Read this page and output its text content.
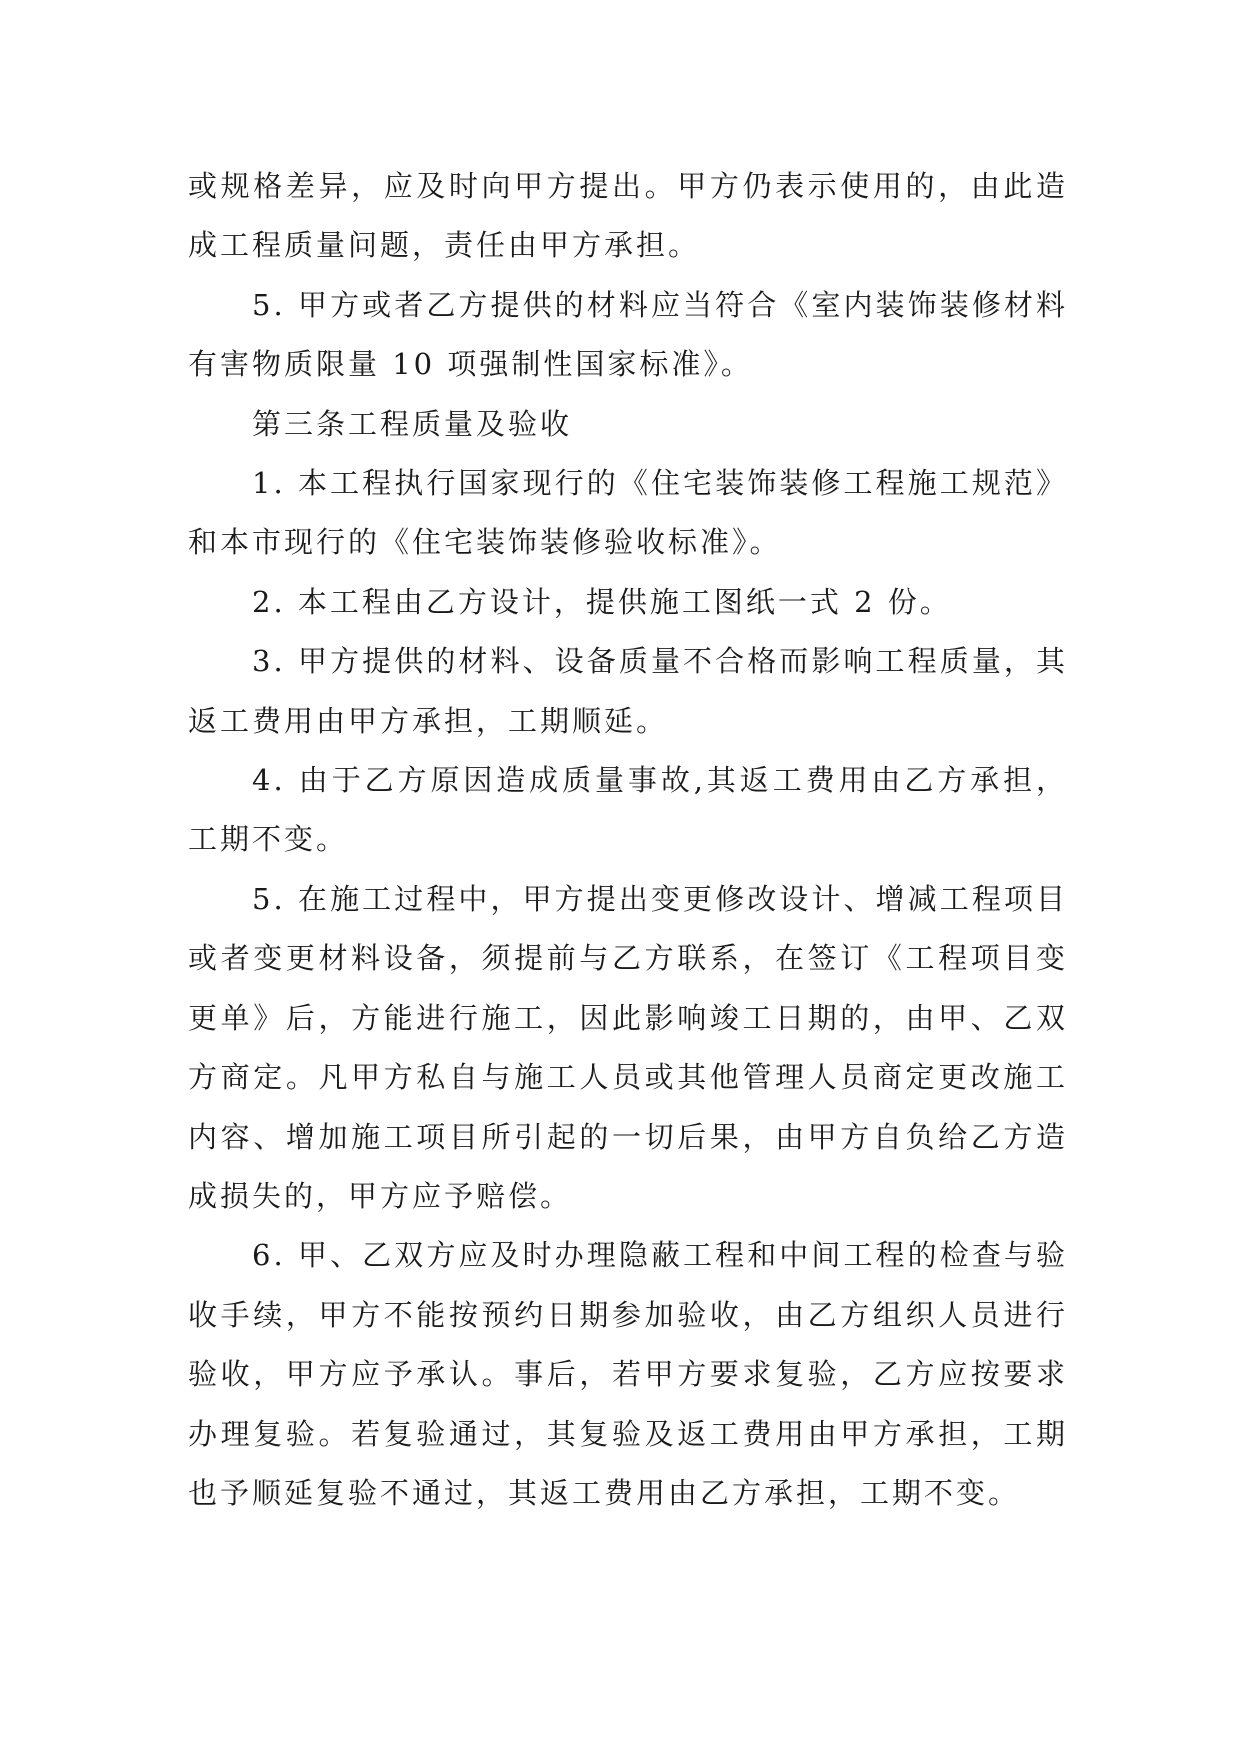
或规格差异，应及时向甲方提出。甲方仍表示使用的，由此造成工程质量问题，责任由甲方承担。

5. 甲方或者乙方提供的材料应当符合《室内装饰装修材料有害物质限量 10 项强制性国家标准》。

第三条工程质量及验收

1. 本工程执行国家现行的《住宅装饰装修工程施工规范》和本市现行的《住宅装饰装修验收标准》。

2. 本工程由乙方设计，提供施工图纸一式 2 份。

3. 甲方提供的材料、设备质量不合格而影响工程质量，其返工费用由甲方承担，工期顺延。

4. 由于乙方原因造成质量事故,其返工费用由乙方承担，工期不变。

5. 在施工过程中，甲方提出变更修改设计、增减工程项目或者变更材料设备，须提前与乙方联系，在签订《工程项目变更单》后，方能进行施工，因此影响竣工日期的，由甲、乙双方商定。凡甲方私自与施工人员或其他管理人员商定更改施工内容、增加施工项目所引起的一切后果，由甲方自负给乙方造成损失的，甲方应予赔偿。

6. 甲、乙双方应及时办理隐蔽工程和中间工程的检查与验收手续，甲方不能按预约日期参加验收，由乙方组织人员进行验收，甲方应予承认。事后，若甲方要求复验，乙方应按要求办理复验。若复验通过，其复验及返工费用由甲方承担，工期也予顺延复验不通过，其返工费用由乙方承担，工期不变。
